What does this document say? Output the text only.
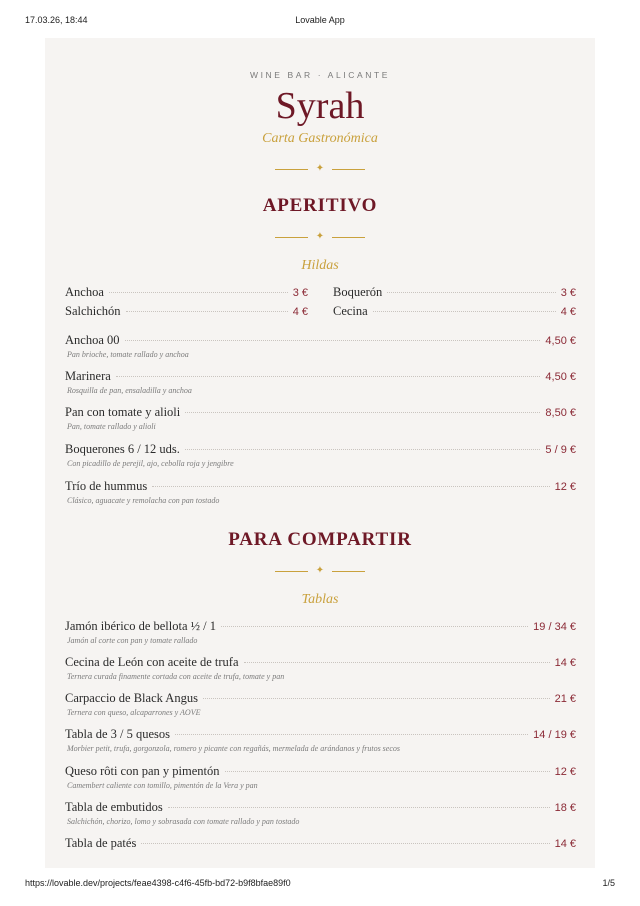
17.03.26, 18:44	Lovable App
WINE BAR · ALICANTE
Syrah
Carta Gastronómica
✦
APERITIVO
✦
Hildas
Anchoa	3 € Boquerón	3 €
Salchichón	4 € Cecina	4 €
Anchoa 00	4,50 €
Pan brioche, tomate rallado y anchoa
Marinera	4,50 €
Rosquilla de pan, ensaladilla y anchoa
Pan con tomate y alioli	8,50 €
Pan, tomate rallado y alioli
Boquerones 6 / 12 uds.	5 / 9 €
Con picadillo de perejil, ajo, cebolla roja y jengibre
Trío de hummus	12 €
Clásico, aguacate y remolacha con pan tostado
PARA COMPARTIR
✦
Tablas
Jamón ibérico de bellota ½ / 1	19 / 34 €
Jamón al corte con pan y tomate rallado
Cecina de León con aceite de trufa	14 €
Ternera curada finamente cortada con aceite de trufa, tomate y pan
Carpaccio de Black Angus	21 €
Ternera con queso, alcaparrones y AOVE
Tabla de 3 / 5 quesos	14 / 19 €
Morbier petit, trufa, gorgonzola, romero y picante con regañás, mermelada de arándanos y frutos secos
Queso rôti con pan y pimentón	12 €
Camembert caliente con tomillo, pimentón de la Vera y pan
Tabla de embutidos	18 €
Salchichón, chorizo, lomo y sobrasada con tomate rallado y pan tostado
Tabla de patés	14 €
https://lovable.dev/projects/feae4398-c4f6-45fb-bd72-b9f8bfae89f0	1/5
